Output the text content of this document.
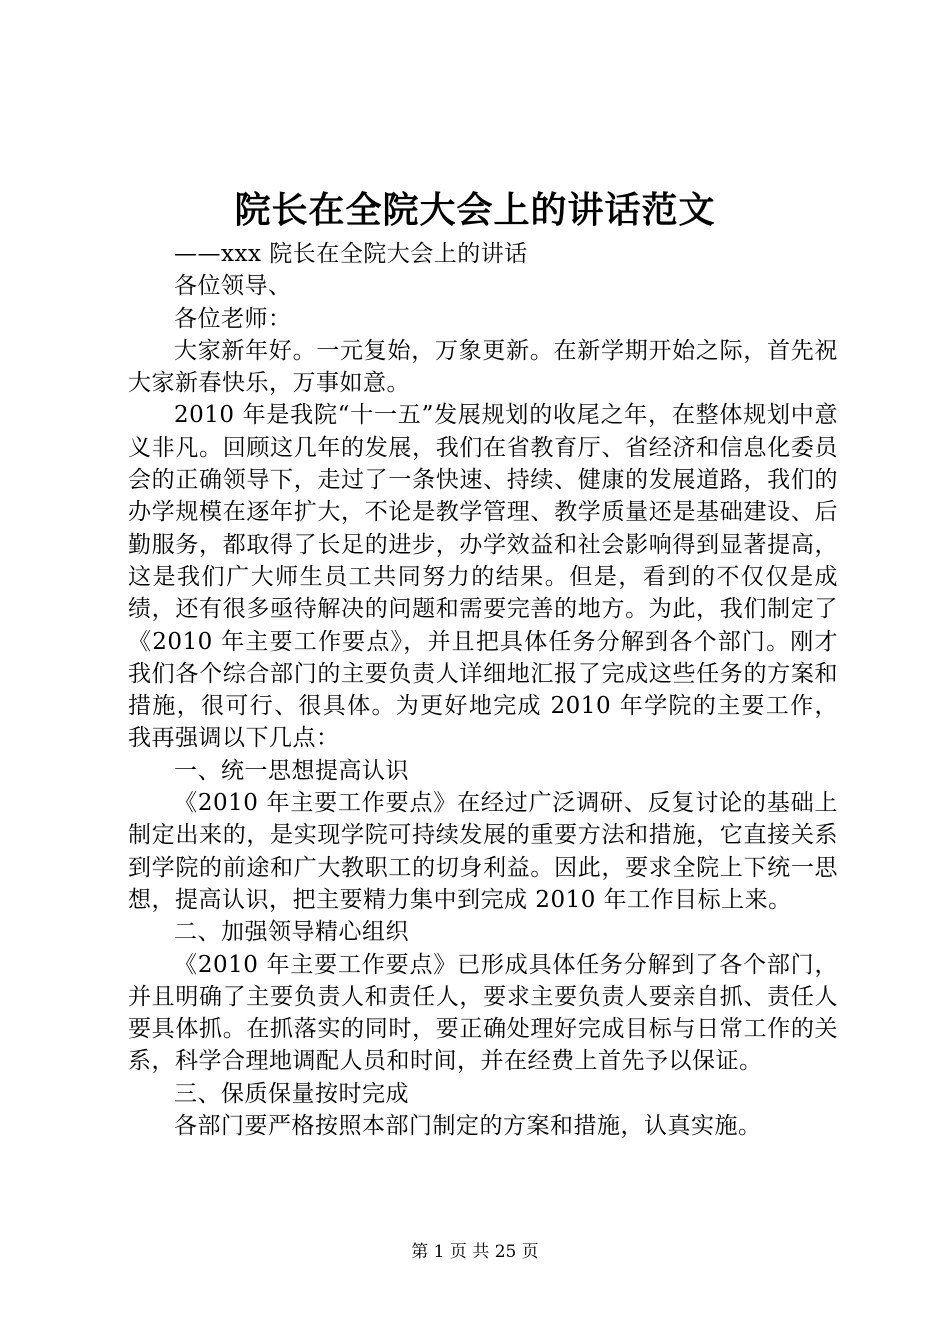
院长在全院大会上的讲话范文

——xxx 院长在全院大会上的讲话

各位领导、

各位老师：

大家新年好。一元复始，万象更新。在新学期开始之际，首先祝大家新春快乐，万事如意。

2010 年是我院“十一五”发展规划的收尾之年，在整体规划中意义非凡。回顾这几年的发展，我们在省教育厅、省经济和信息化委员会的正确领导下，走过了一条快速、持续、健康的发展道路，我们的办学规模在逐年扩大，不论是教学管理、教学质量还是基础建设、后勤服务，都取得了长足的进步，办学效益和社会影响得到显著提高，这是我们广大师生员工共同努力的结果。但是，看到的不仅仅是成绩，还有很多亟待解决的问题和需要完善的地方。为此，我们制定了《2010 年主要工作要点》，并且把具体任务分解到各个部门。刚才我们各个综合部门的主要负责人详细地汇报了完成这些任务的方案和措施，很可行、很具体。为更好地完成 2010 年学院的主要工作，我再强调以下几点：

一、统一思想提高认识

《2010 年主要工作要点》在经过广泛调研、反复讨论的基础上制定出来的，是实现学院可持续发展的重要方法和措施，它直接关系到学院的前途和广大教职工的切身利益。因此，要求全院上下统一思想，提高认识，把主要精力集中到完成 2010 年工作目标上来。

二、加强领导精心组织

《2010 年主要工作要点》已形成具体任务分解到了各个部门，并且明确了主要负责人和责任人，要求主要负责人要亲自抓、责任人要具体抓。在抓落实的同时，要正确处理好完成目标与日常工作的关系，科学合理地调配人员和时间，并在经费上首先予以保证。

三、保质保量按时完成

各部门要严格按照本部门制定的方案和措施，认真实施。

第 1 页 共 25 页
